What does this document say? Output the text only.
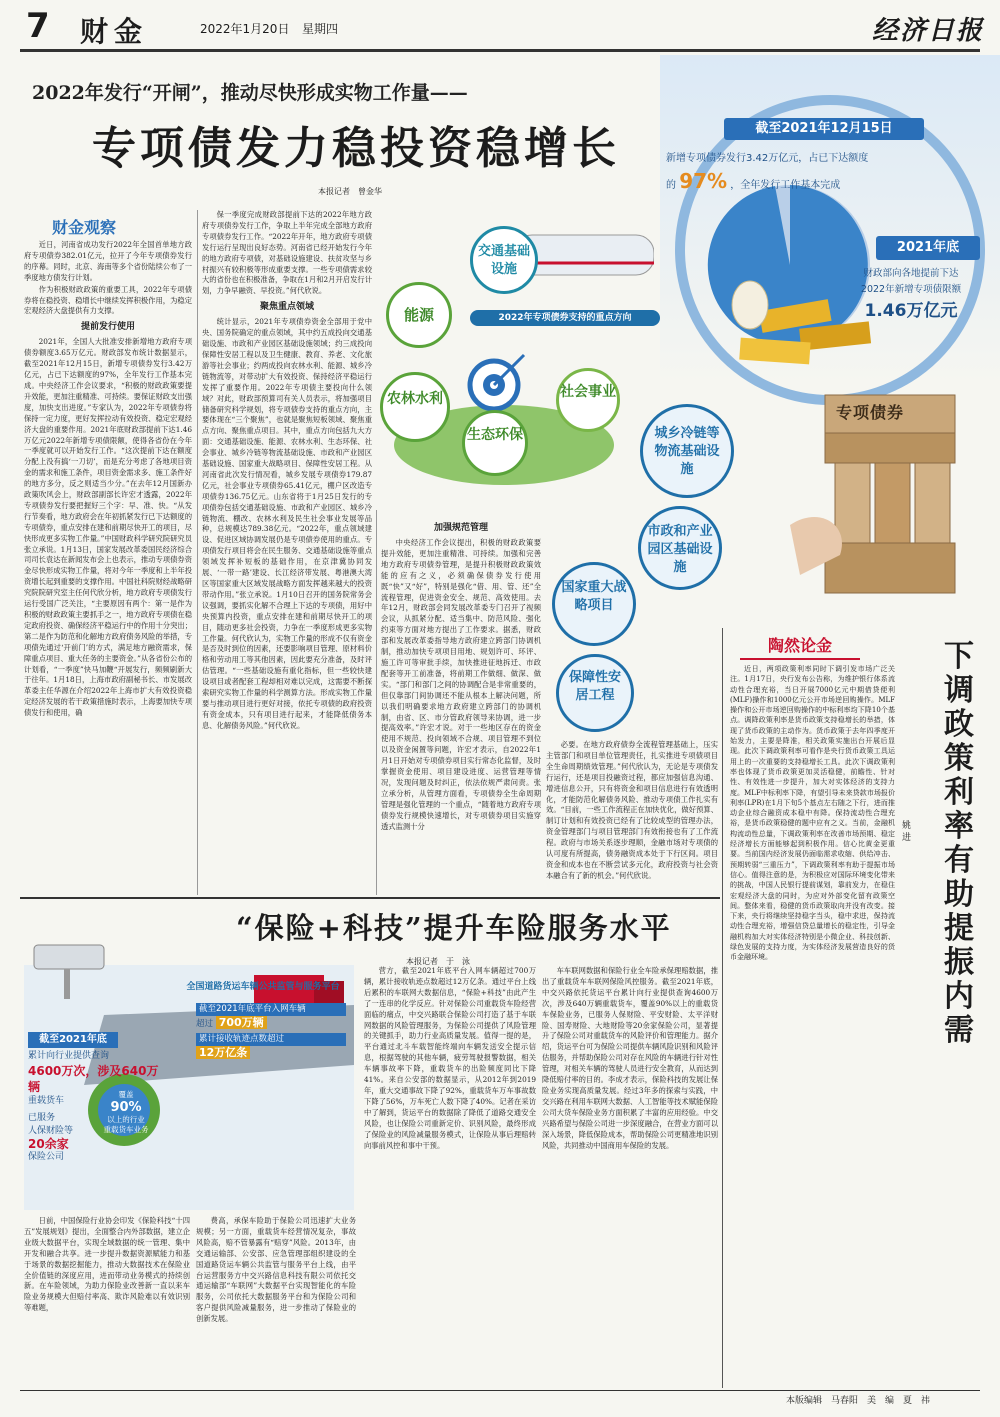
7 财金	2022年1月20日 星期四	经济日报
2022年发行“开闸”，推动尽快形成实物工作量——
专项债发力稳投资稳增长
本报记者　曾金华
截至2021年12月15日
新增专项债券发行3.42万亿元，占已下达额度
的 97% ，全年发行工作基本完成
2021年底
财政部向各地提前下达
2022年新增专项债限额
1.46万亿元
专项债券
2022年专项债券支持的重点方向
交通基础设施
能源
农林水利
生态环保
社会事业
城乡冷链等物流基础设施
市政和产业园区基础设施
国家重大战略项目
保障性安居工程
财金观察

近日，河南省成功发行2022年全国首单地方政府专项债券382.01亿元，拉开了今年专项债券发行的序幕。同时，北京、海南等多个省份陆续公布了一季度地方债发行计划。

作为积极财政政策的重要工具，2022年专项债券将在稳投资、稳增长中继续发挥积极作用，为稳定宏观经济大盘提供有力支撑。

提前发行使用

2021年，全国人大批准安排新增地方政府专项债券额度3.65万亿元。财政部发布统计数据显示，截至2021年12月15日，新增专项债券发行3.42万亿元，占已下达额度的97%，全年发行工作基本完成。中央经济工作会议要求，“积极的财政政策要提升效能，更加注重精准、可持续。要保证财政支出强度，加快支出进度。”专家认为，2022年专项债券将保持一定力度，更好发挥拉动有效投资、稳定宏观经济大盘的重要作用。2021年底财政部提前下达1.46万亿元2022年新增专项债限额，使得各省份在今年一季度就可以开始发行工作。“这次提前下达在额度分配上没有搞‘一刀切’，而是充分考虑了各地项目资金的需求和施工条件，项目资金需求多、施工条件好的地方多分，反之则适当少分。”在去年12月国新办政策吹风会上，财政部副部长许宏才透露，2022年专项债券发行要把握好三个字：早、准、快。“从发行节奏看，地方政府会在年初抓紧发行已下达额度的专项债券，重点安排在建和前期尽快开工的项目，尽快形成更多实物工作量。”中国财政科学研究院研究员张立承说。1月13日，国家发展改革委国民经济综合司司长袁达在新闻发布会上也表示，推动专项债券资金尽快形成实物工作量，将对今年一季度和上半年投资增长起到重要的支撑作用。中国社科院财经战略研究院院研究室主任何代欣分析，地方政府专项债发行运行受国广泛关注，“主要原因有两个：第一是作为积极的财政政策主要抓手之一，地方政府专项债在稳定政府投资、确保经济平稳运行中的作用十分突出；第二是作为防范和化解地方政府债务风险的举措，专项债先通过‘开前门’的方式，满足地方融资需求，保障重点项目、重大任务的主要资金。”从各省份公布的计划看，“一季度”快马加鞭“开展发行，频频刷新大于往年。1月18日，上海市政府副秘书长、市发展改革委主任华源在介绍2022年上海市扩大有效投资稳定经济发展的若干政策措施时表示，上海要加快专项债发行和使用，确

保一季度完成财政部提前下达的2022年地方政府专项债券发行工作，争取上半年完成全部地方政府专项债券发行工作。“2022年开年，地方政府专项债发行运行呈现出良好态势。河南省已经开始发行今年的地方政府专项债，对基础设施建设、扶贫攻坚与乡村振兴有较积极等形成重要支撑。一些专项债需求较大的省份也在积极准备，争取在1月和2月开启发行计划，力争早融资、早投资。”何代欣说。

聚焦重点领域

统计显示，2021年专项债券资金全部用于党中央、国务院确定的重点领域，其中约五成投向交通基础设施、市政和产业园区基础设施领域；约三成投向保障性安居工程以及卫生健康、教育、养老、文化旅游等社会事业；约两成投向农林水利、能源、城乡冷链物流等，对带动扩大有效投资、保持经济平稳运行发挥了重要作用。2022年专项债主要投向什么领域？对此，财政部预算司有关人员表示，将加强项目储备研究科学规划，将专项债券支持的重点方向，主要体现在“三个聚焦”，也就是聚焦短板领域、聚焦重点方向、聚焦重点项目。其中，重点方向包括九大方面：交通基础设施、能源、农林水利、生态环保、社会事业、城乡冷链等物流基础设施、市政和产业园区基础设施、国家重大战略项目、保障性安居工程。从河南省此次发行情况看，城乡发展专项债券179.87亿元，社会事业专项债券65.41亿元，棚户区改造专项债券136.75亿元。山东省将于1月25日发行的专项债券包括交通基础设施、市政和产业园区、城乡冷链物流、棚改、农林水利及民生社会事业发展等品种，总规模达789.38亿元。“2022年，重点领域建设、促进区域协调发展仍是专项债券使用的重点。专项债发行项目将会在民生服务、交通基础设施等重点领域发挥补短板的基础作用，在京津冀协同发展、‘一带一路’建设、长江经济带发展、粤港澳大湾区等国家重大区域发展战略方面发挥越来越大的投资带动作用。”张立承说。1月10日召开的国务院常务会议强调，要抓实化解不合理上下达的专项债，用好中央预算内投资，重点安排在建和前期尽快开工的项目，随动更多社会投资，力争在一季度形成更多实物工作量。何代欣认为，实物工作量的形成不仅有资金是否及时到位的因素，还要影响项目管理、原材料价格和劳动用工等其他因素，因此要充分准备，及时评估管理。“一些基础设施有重化指标，但一些较快建设项目或者配套工程却相对难以完成，这需要不断探索研究实物工作量的科学测算方法。形成实物工作量要与推动项目进行更好对接，依托专项债的政府投资有资金成本，只有项目进行起来，才能降低债务本息、化解债务风险。”何代欣说。

加强规范管理

中央经济工作会议提出，积极的财政政策要提升效能，更加注重精准、可持续。加强和完善地方政府专项债券管理，是提升积极财政政策效能的应有之义，必须确保债券发行使用既“快”又“好”，特别是强化“借、用、管、还”全流程管理，促进资金安全、规范、高效使用。去年12月，财政部会同发展改革委专门召开了视频会议，从抓紧分配、适当集中、防范风险、强化约束等方面对地方提出了工作要求。据悉，财政部和发展改革委指导地方政府建立跨部门协调机制，推动加快专项项目用地、规划许可、环评、施工许可等审批手续，加快推进征地拆迁、市政配套等开工前准备，将前期工作做细、做深、做实。“部门和部门之间的协调配合是非常重要的，但仅靠部门间协调还不能从根本上解决问题，所以我们明确要求地方政府建立跨部门的协调机制，由省、区、市分管政府领导来协调，进一步提高效率。”许宏才说。对于一些地区存在的资金使用不规范、投向领域不合规、项目管理不到位以及资金闲置等问题，许宏才表示，自2022年1月1日开始对专项债券项目实行常态化监督，及时掌握资金使用、项目建设进度、运营管理等情况，发现问题及时纠正，依法依规严肃问责。张立承分析，从管理方面看，专项债券全生命周期管理是强化管理的一个重点，“随着地方政府专项债券发行规模快速增长，对专项债券项目实施穿透式监测十分

必要。在地方政府债券全流程管理基础上，压实主管部门和项目单位管理责任，扎实推进专项债项目全生命周期绩效管理。”何代欣认为，无论是专项债发行运行，还是项目投融资过程，都应加强信息沟通、增进信息公开，只有将资金和项目信息进行有效透明化，才能防范化解债务风险、推动专项债工作扎实有效。“目前，一些工作流程正在加快优化，做好预算、制订计划和有效投资已经有了比较成型的管理办法，资金管理部门与项目管理部门有效衔接也有了工作流程。政府与市场关系逐步理顺，金融市场对专项债的认可度有所提高，债务融资成本处于下行区间。项目资金和成本也在不断尝试多元化，政府投资与社会资本融合有了新的机会。”何代欣说。

陶然论金	下调政策利率有助提振内需
姚　进

近日，两项政策利率同时下调引发市场广泛关注。1月17日，央行发布公告称，为维护银行体系流动性合理充裕，当日开展7000亿元中期借贷便利(MLF)操作和1000亿元公开市场逆回购操作。MLF操作和公开市场逆回购操作的中标利率均下降10个基点。调降政策利率是货币政策支持稳增长的举措，体现了货币政策的主动作为。货币政策于去年四季度开始发力，主要是降准，相关政策实施出台开展后显现。此次下调政策利率可看作是央行货币政策工具运用上的一次重要的支持稳增长工具。此次下调政策利率也体现了货币政策更加灵活稳健，前瞻性、针对性、有效性进一步提升，加大对实体经济的支持力度。MLF中标利率下降，有望引导未来贷款市场报价利率(LPR)在1月下旬5个基点左右随之下行，进而推动企业综合融资成本稳中有降。保持流动性合理充裕，是货币政策稳健的题中应有之义。当前，金融机构流动性总量，下调政策利率在改善市场预期、稳定经济增长方面能够起到积极作用。信心比黄金更重要。当前国内经济发展仍面临需求收缩、供给冲击、预期转弱“三重压力”，下调政策利率有助于提振市场信心。值得注意的是，为积极应对国际环境变化带来的挑战，中国人民银行提前谋划，靠前发力，在稳住宏观经济大盘的同时，为应对外部变化留有政策空间。整体来看，稳健的货币政策取向并没有改变。接下来，央行将继续坚持稳字当头，稳中求进，保持流动性合理充裕，增强信贷总量增长的稳定性，引导金融机构加大对实体经济特别是小微企业、科技创新、绿色发展的支持力度，为实体经济发展营造良好的货币金融环境。

“保险+科技”提升车险服务水平
本报记者　于　泳
全国道路货运车辆公共监管与服务平台
截至2021年底
累计向行业提供查询
4600万次，涉及640万辆
重载货车
已服务
人保财险等
20余家
保险公司
覆盖
90%
以上的行业
重载货车业务
截至2021年底平台入网车辆
超过 700万辆
累计接收轨迹点数超过
12万亿条

日前，中国保险行业协会印发《保险科技“十四五”发展规划》提出，全面整合内外部数据，建立企业级大数据平台，实现全域数据的统一管理、集中开发和融合共享。进一步提升数据资源赋能力和基于场景的数据挖掘能力，推动大数据技术在保险业全价值链的深度应用，进而带动业务模式的持续创新。在车险领域，为助力保险业改善新一直以来车险业务规模大但赔付率高、欺诈风险难以有效识别等难题，

费高，承保车险助于保险公司迅速扩大业务规模；另一方面，重载货车经营情况复杂，事故风险高，赔不管暴露有“赔穿”风险。2013年，由交通运输部、公安部、应急管理部组织建设的全国道路货运车辆公共监管与服务平台上线，由平台运营服务方中交兴路信息科技有限公司依托交通运输部“车联网”大数据平台实现智能化的车险服务，公司依托大数据服务平台和为保险公司和客户提供风险减量服务，进一步推动了保险业的创新发展。

营方，截至2021年底平台入网车辆超过700万辆，累计接收轨迹点数超过12万亿条。通过平台上线后累积的车联网大数据信息，“保险+科技”由此产生了一连串的化学反应。针对保险公司重载货车险经营面临的痛点，中交兴路联合保险公司打造了基于车联网数据的风险管理服务，为保险公司提供了风险管理的关键抓手，助力行业高质量发展。值得一提的是，平台通过北斗车载智能终端向车辆发送安全提示信息，根据驾驶的其他车辆，疲劳驾驶报警数据，相关车辆事故率下降，重载货车的出险频度同比下降41%。来自公安部的数据显示，从2012年到2019年，重大交通事故下降了92%，重载货车万车事故数下降了56%，万车死亡人数下降了40%。记者在采访中了解到，货运平台的数据除了降低了道路交通安全风险，也让保险公司重新定价、识别风险，最终形成了保险业的风险减量服务模式，让保险从事后理赔转向事前风控和事中干预。

车车联网数据和保险行业全车险承保理赔数据，推出了重载货车车联网保险风控服务。截至2021年底，中交兴路依托货运平台累计向行业提供查询4600万次，涉及640万辆重载货车，覆盖90%以上的重载货车保险业务，已服务人保财险、平安财险、太平洋财险、国寿财险、大地财险等20余家保险公司，显著提升了保险公司对重载货车的风险评价和管理能力。据介绍，货运平台可为保险公司提供车辆风险识别和风险评估服务，并帮助保险公司对存在风险的车辆进行针对性管理，对相关车辆的驾驶人员进行安全教育，从而达到降低赔付率的目的。李成才表示，保险科技的发展让保险业务实现高质量发展。经过3年多的探索与实践，中交兴路在利用车联网大数据、人工智能等技术赋能保险公司大货车保险业务方面积累了丰富的应用经验。中交兴路希望与保险公司进一步深度融合，在营业方面可以深入场景，降低保险成本，帮助保险公司更精准地识别风险，共同推动中国商用车保险的发展。

本版编辑　马春阳　美　编　夏　祎
